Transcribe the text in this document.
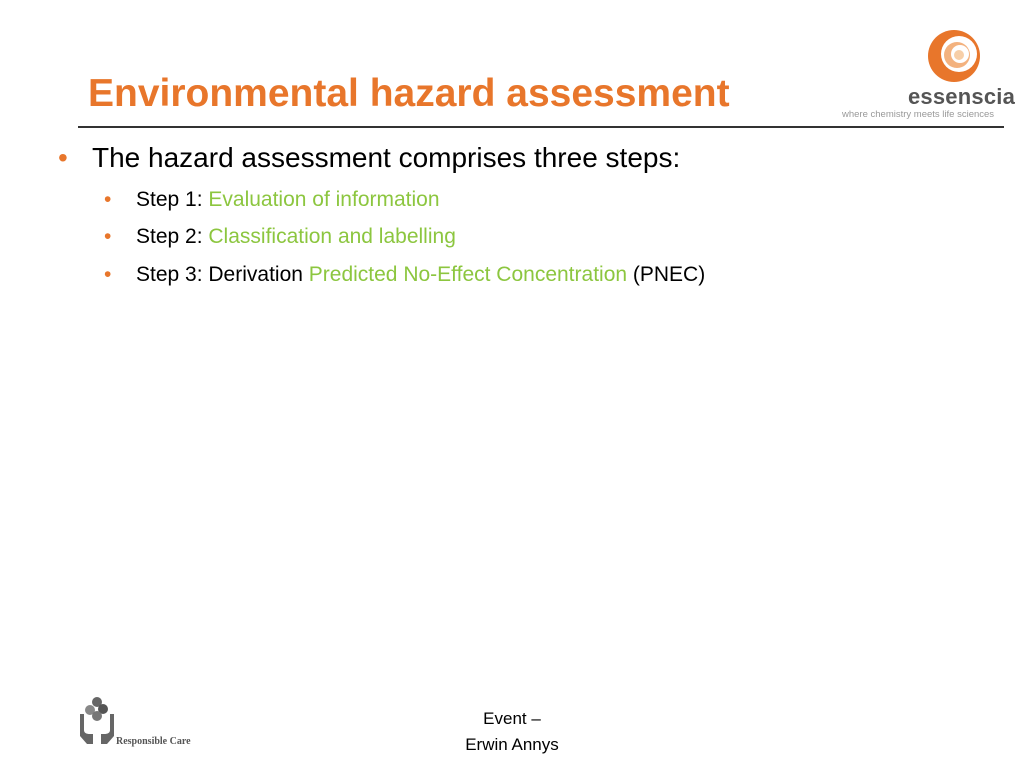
Environmental hazard assessment	essenscia
where chemistry meets life sciences
• The hazard assessment comprises three steps:
• Step 1: Evaluation of information
• Step 2: Classification and labelling
• Step 3: Derivation Predicted No-Effect Concentration (PNEC)
Responsible Care
Event –
Erwin Annys
